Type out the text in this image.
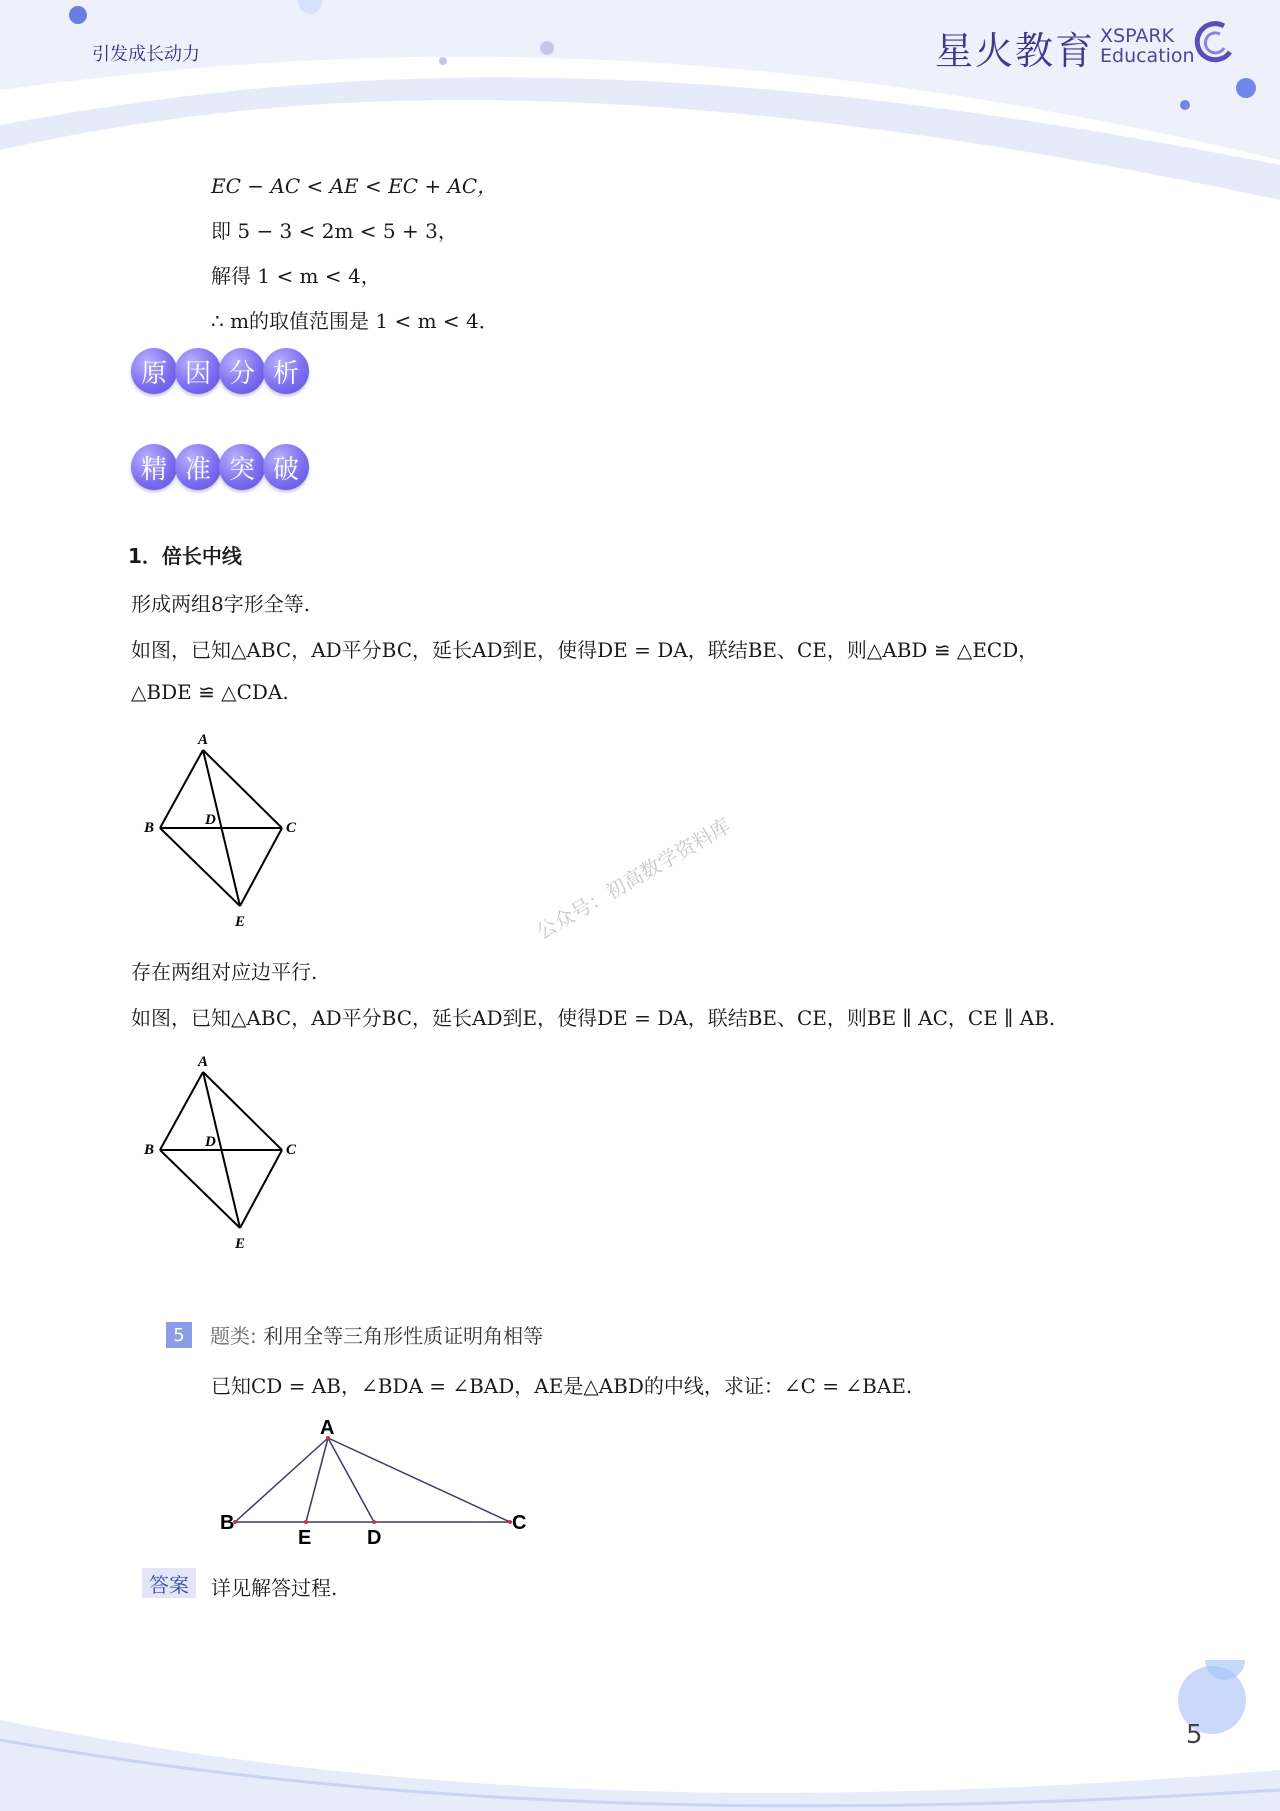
引发成长动力	星火教育 XSPARK
Education
EC − AC < AE < EC + AC，
即 5 − 3 < 2m < 5 + 3，
解得 1 < m < 4，
∴ m的取值范围是 1 < m < 4．
原 因 分 析
精 准 突 破
1．倍长中线
形成两组8字形全等.
如图，已知△ABC，AD平分BC，延长AD到E，使得DE = DA，联结BE、CE，则△ABD ≌ △ECD，
△BDE ≌ △CDA.
A
B	C
D
E	公众号：初高数学资料库
存在两组对应边平行.
如图，已知△ABC，AD平分BC，延长AD到E，使得DE = DA，联结BE、CE，则BE ∥ AC，CE ∥ AB.
A
B	C
D
E
5	题类: 利用全等三角形性质证明角相等
已知CD = AB，∠BDA = ∠BAD，AE是△ABD的中线，求证：∠C = ∠BAE.
A
B
E	D
C
答案	详见解答过程.
5
